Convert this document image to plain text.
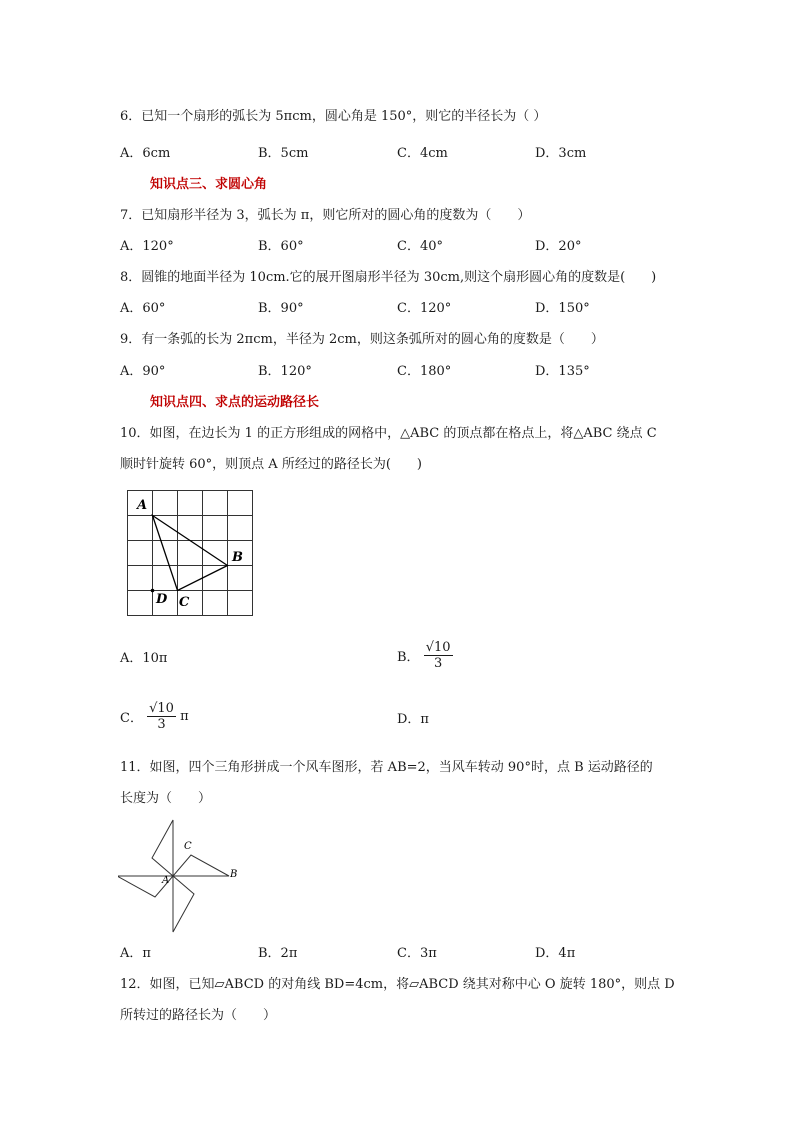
6．已知一个扇形的弧长为 5πcm，圆心角是 150°，则它的半径长为（ ）
A．6cm	B．5cm	C．4cm	D．3cm
知识点三、求圆心角
7．已知扇形半径为 3，弧长为 π，则它所对的圆心角的度数为（　　）
A．120°	B．60°	C．40°	D．20°
8．圆锥的地面半径为 10cm.它的展开图扇形半径为 30cm,则这个扇形圆心角的度数是(　　)
A．60°	B．90°	C．120°	D．150°
9．有一条弧的长为 2πcm，半径为 2cm，则这条弧所对的圆心角的度数是（　　）
A．90°	B．120°	C．180°	D．135°
知识点四、求点的运动路径长
10．如图，在边长为 1 的正方形组成的网格中，△ABC 的顶点都在格点上，将△ABC 绕点 C
顺时针旋转 60°，则顶点 A 所经过的路径长为(　　)
A
B
C
D
A．10π	B． $\frac{√10}{3}$
C． $\frac{√10}{3}$ π	D．π
11．如图，四个三角形拼成一个风车图形，若 AB=2，当风车转动 90°时，点 B 运动路径的
长度为（　　）
C
B
A
A．π	B．2π	C．3π	D．4π
12．如图，已知▱ABCD 的对角线 BD=4cm，将▱ABCD 绕其对称中心 O 旋转 180°，则点 D
所转过的路径长为（　　）
